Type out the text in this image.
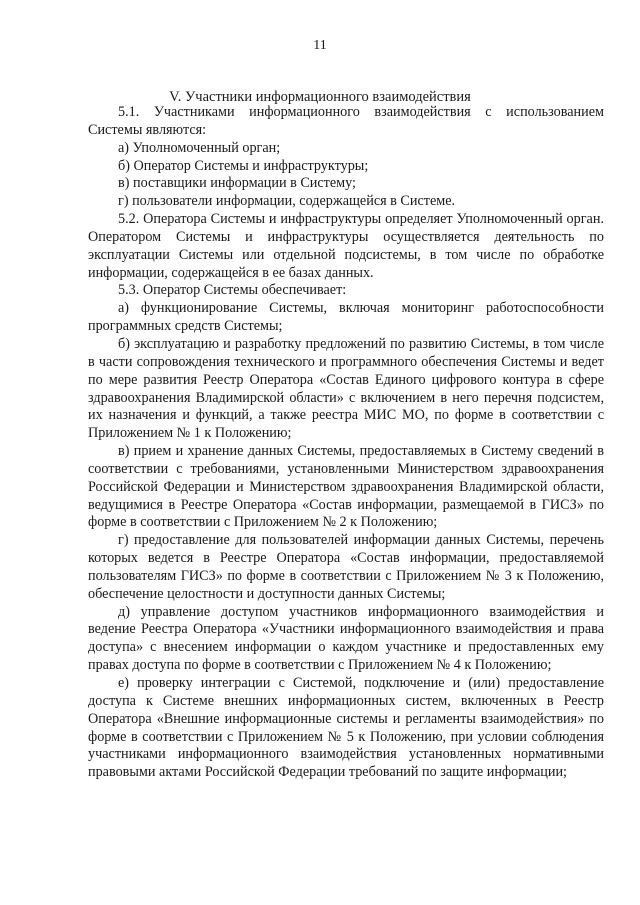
11
V. Участники информационного взаимодействия

5.1. Участниками информационного взаимодействия с использованием Системы являются:

а) Уполномоченный орган;

б) Оператор Системы и инфраструктуры;

в) поставщики информации в Систему;

г) пользователи информации, содержащейся в Системе.

5.2. Оператора Системы и инфраструктуры определяет Уполномоченный орган. Оператором Системы и инфраструктуры осуществляется деятельность по эксплуатации Системы или отдельной подсистемы, в том числе по обработке информации, содержащейся в ее базах данных.

5.3. Оператор Системы обеспечивает:

а) функционирование Системы, включая мониторинг работоспособности программных средств Системы;

б) эксплуатацию и разработку предложений по развитию Системы, в том числе в части сопровождения технического и программного обеспечения Системы и ведет по мере развития Реестр Оператора «Состав Единого цифрового контура в сфере здравоохранения Владимирской области» с включением в него перечня подсистем, их назначения и функций, а также реестра МИС МО, по форме в соответствии с Приложением № 1 к Положению;

в) прием и хранение данных Системы, предоставляемых в Систему сведений в соответствии с требованиями, установленными Министерством здравоохранения Российской Федерации и Министерством здравоохранения Владимирской области, ведущимися в Реестре Оператора «Состав информации, размещаемой в ГИСЗ» по форме в соответствии с Приложением № 2 к Положению;

г) предоставление для пользователей информации данных Системы, перечень которых ведется в Реестре Оператора «Состав информации, предоставляемой пользователям ГИСЗ» по форме в соответствии с Приложением № 3 к Положению, обеспечение целостности и доступности данных Системы;

д) управление доступом участников информационного взаимодействия и ведение Реестра Оператора «Участники информационного взаимодействия и права доступа» с внесением информации о каждом участнике и предоставленных ему правах доступа по форме в соответствии с Приложением № 4 к Положению;

е) проверку интеграции с Системой, подключение и (или) предоставление доступа к Системе внешних информационных систем, включенных в Реестр Оператора «Внешние информационные системы и регламенты взаимодействия» по форме в соответствии с Приложением № 5 к Положению, при условии соблюдения участниками информационного взаимодействия установленных нормативными правовыми актами Российской Федерации требований по защите информации;
